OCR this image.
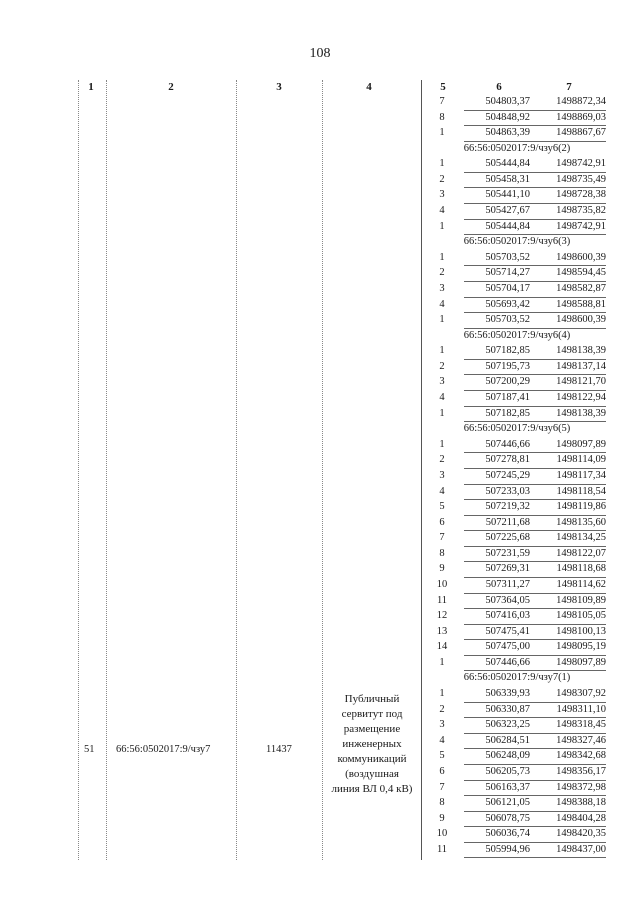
108
1	2	3	4	5	6	7
51 66:56:0502017:9/чзу7	11437
Публичный сервитут под размещение инженерных коммуникаций (воздушная линия ВЛ 0,4 кВ)
7	504803,37	1498872,34
8	504848,92	1498869,03
1	504863,39	1498867,67
66:56:0502017:9/чзу6(2)
1	505444,84	1498742,91
2	505458,31	1498735,49
3	505441,10	1498728,38
4	505427,67	1498735,82
1	505444,84	1498742,91
66:56:0502017:9/чзу6(3)
1	505703,52	1498600,39
2	505714,27	1498594,45
3	505704,17	1498582,87
4	505693,42	1498588,81
1	505703,52	1498600,39
66:56:0502017:9/чзу6(4)
1	507182,85	1498138,39
2	507195,73	1498137,14
3	507200,29	1498121,70
4	507187,41	1498122,94
1	507182,85	1498138,39
66:56:0502017:9/чзу6(5)
1	507446,66	1498097,89
2	507278,81	1498114,09
3	507245,29	1498117,34
4	507233,03	1498118,54
5	507219,32	1498119,86
6	507211,68	1498135,60
7	507225,68	1498134,25
8	507231,59	1498122,07
9	507269,31	1498118,68
10	507311,27	1498114,62
11	507364,05	1498109,89
12	507416,03	1498105,05
13	507475,41	1498100,13
14	507475,00	1498095,19
1	507446,66	1498097,89
66:56:0502017:9/чзу7(1)
1	506339,93	1498307,92
2	506330,87	1498311,10
3	506323,25	1498318,45
4	506284,51	1498327,46
5	506248,09	1498342,68
6	506205,73	1498356,17
7	506163,37	1498372,98
8	506121,05	1498388,18
9	506078,75	1498404,28
10	506036,74	1498420,35
11	505994,96	1498437,00
